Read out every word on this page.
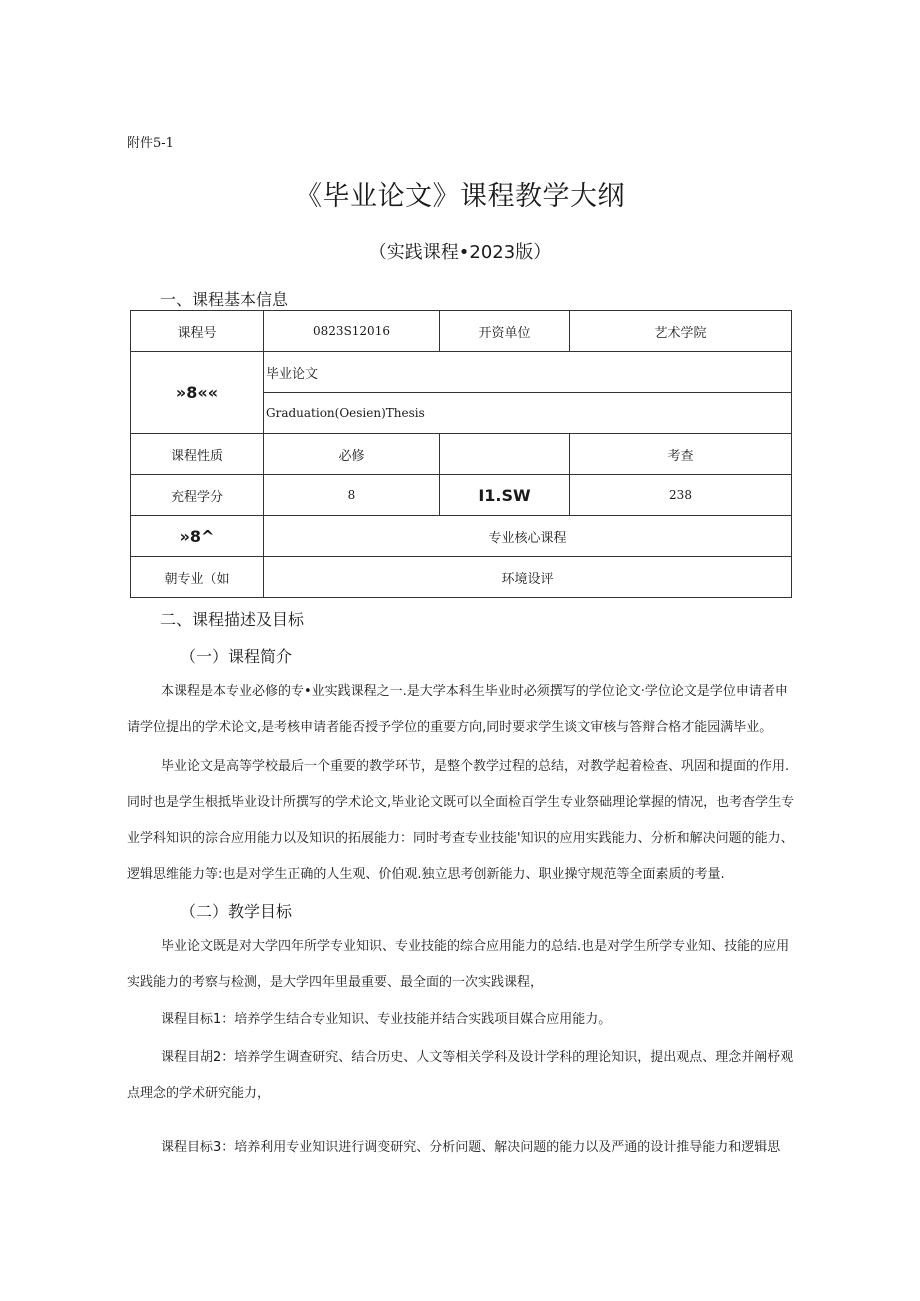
附件5-1
《毕业论文》课程教学大纲
（实践课程•2023版）
一、课程基本信息
课程号	0823S12016	开资单位	艺术学院
»8««	毕业论文		
	Graduation(Oesien)Thesis		
课程性质	必修		考查
充程学分	8	I1.SW	238
»8^	专业核心课程		
朝专业（如	环境设评		
二、课程描述及目标
（一）课程简介

本课程是本专业必修的专•业实践课程之一.是大学本科生毕业时必须撰写的学位论文·学位论文是学位申请者申请学位提出的学术论文,是考核申请者能否授予学位的重要方向,同时要求学生谈文审核与答辩合格才能园满毕业。

毕业论文是高等学校最后一个重要的教学环节，是整个教学过程的总结，对教学起着检查、巩固和提面的作用.同时也是学生根抵毕业设计所撰写的学术论文,毕业论文既可以全面检百学生专业祭础理论掌握的情况，也考杳学生专业学科知识的淙合应用能力以及知识的拓展能力：同时考查专业技能'知识的应用实践能力、分析和解决问题的能力、逻辑思维能力等:也是对学生正确的人生观、价伯观.独立思考创新能力、职业操守规范等全面素质的考量.

（二）教学目标

毕业论文既是对大学四年所学专业知识、专业技能的综合应用能力的总结.也是对学生所学专业知、技能的应用实践能力的考察与检测，是大学四年里最重要、最全面的一次实践课程，

课程目标1：培养学生结合专业知识、专业技能并结合实践项目媒合应用能力。

课程目胡2：培养学生调查研究、结合历史、人文等相关学科及设计学科的理论知识，提出观点、理念并阐杼观点理念的学术研究能力，

课程目标3：培养利用专业知识进行调变研究、分析问题、解决问题的能力以及严通的设计推导能力和逻辑思
